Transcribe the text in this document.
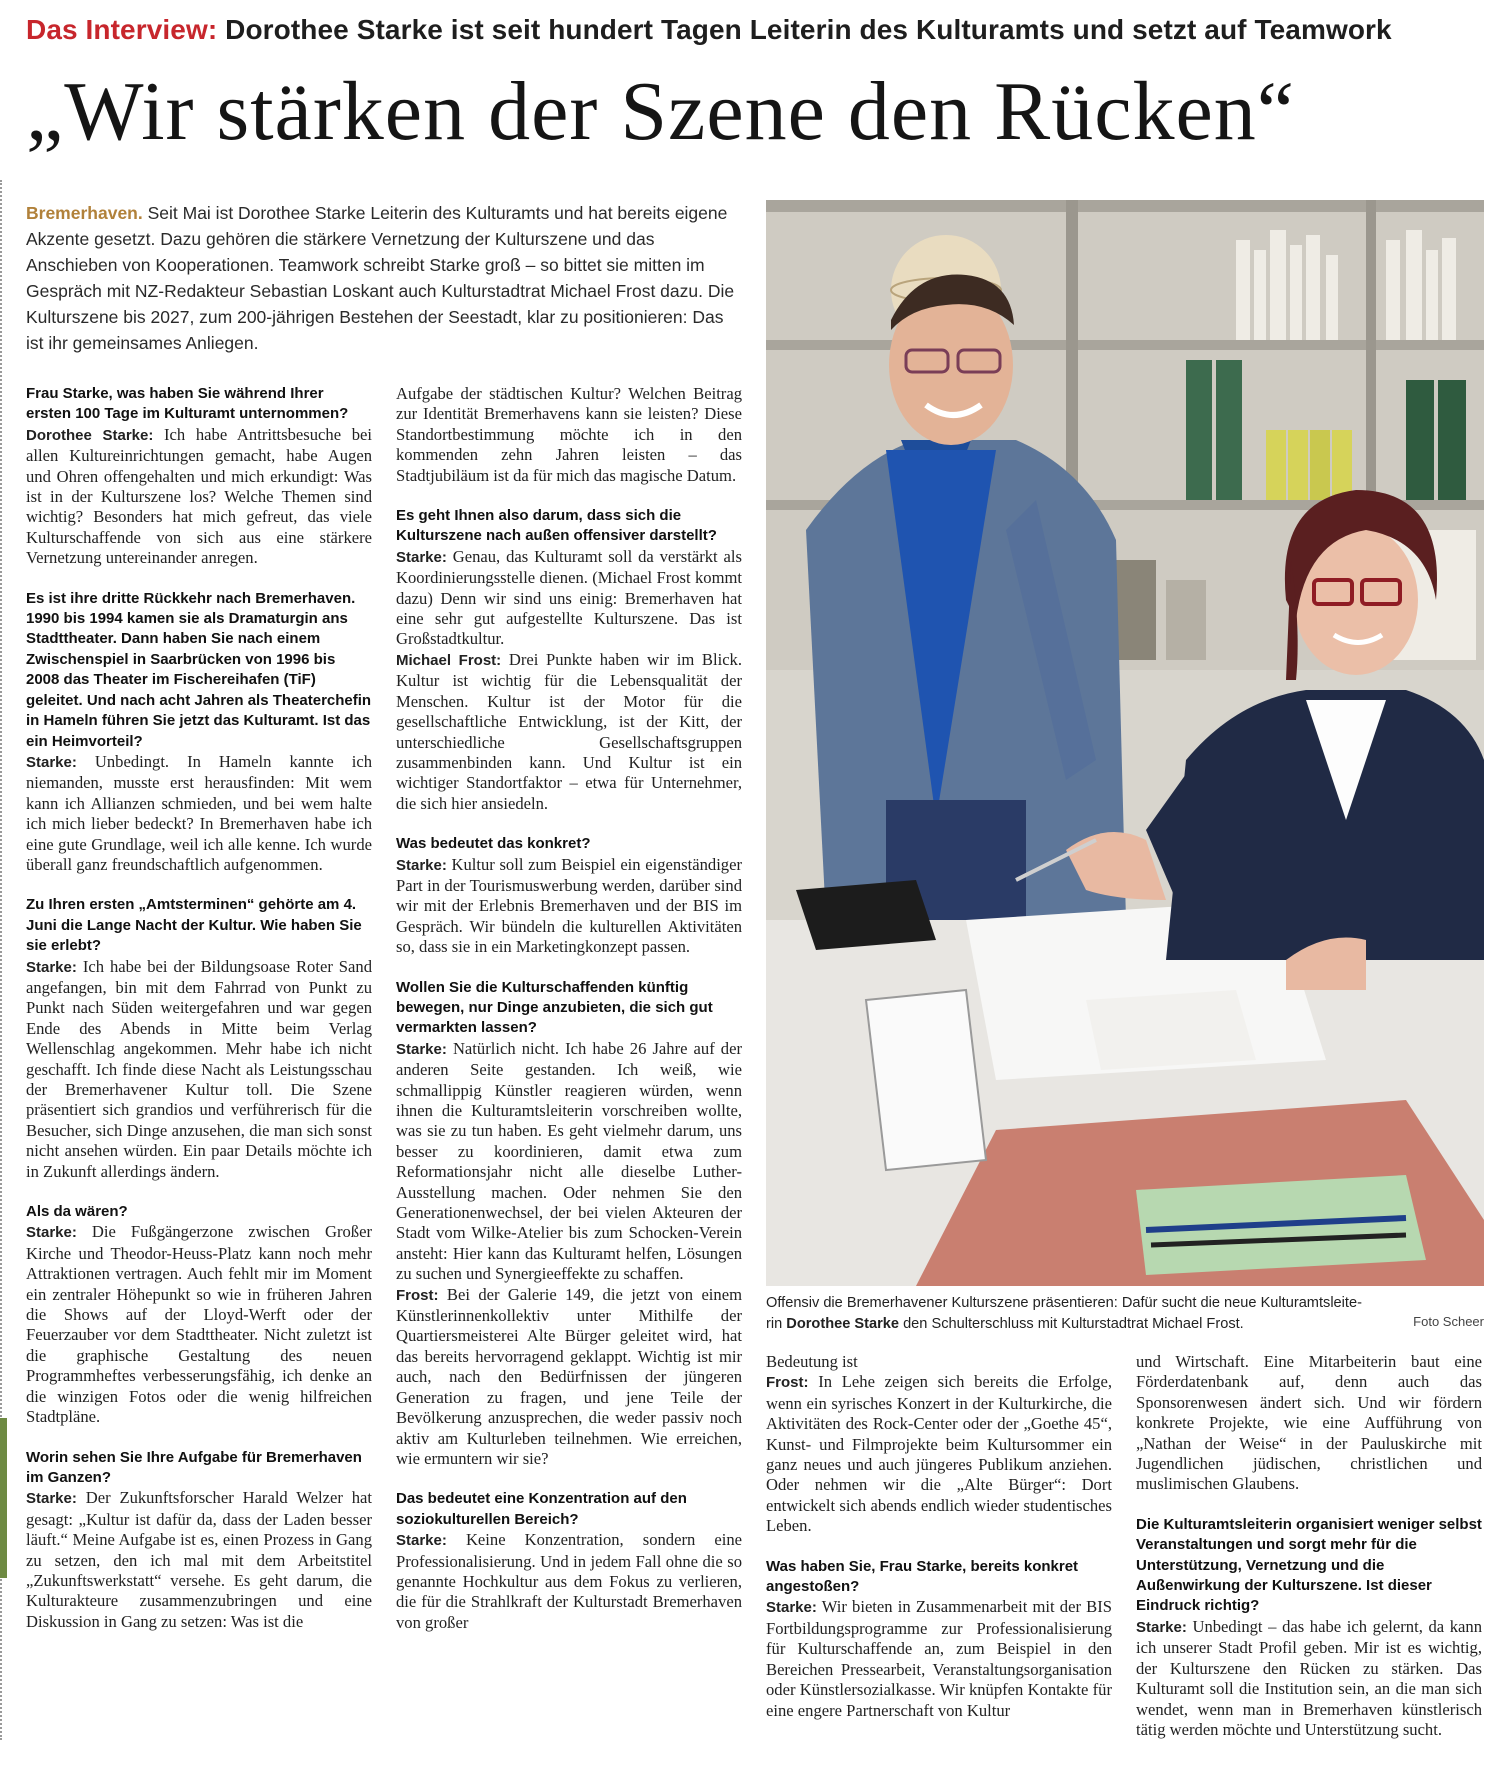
Das Interview: Dorothee Starke ist seit hundert Tagen Leiterin des Kulturamts und setzt auf Teamwork
„Wir stärken der Szene den Rücken“
Bremerhaven. Seit Mai ist Dorothee Starke Leiterin des Kulturamts und hat bereits eigene Akzente gesetzt. Dazu gehören die stärkere Vernetzung der Kulturszene und das Anschieben von Kooperationen. Teamwork schreibt Starke groß – so bittet sie mitten im Gespräch mit NZ-Redakteur Sebastian Loskant auch Kulturstadtrat Michael Frost dazu. Die Kulturszene bis 2027, zum 200-jährigen Bestehen der Seestadt, klar zu positionieren: Das ist ihr gemeinsames Anliegen.

Frau Starke, was haben Sie während Ihrer ersten 100 Tage im Kulturamt unternommen?

Dorothee Starke: Ich habe Antrittsbesuche bei allen Kultureinrichtungen gemacht, habe Augen und Ohren offengehalten und mich erkundigt: Was ist in der Kulturszene los? Welche Themen sind wichtig? Besonders hat mich gefreut, das viele Kulturschaffende von sich aus eine stärkere Vernetzung untereinander anregen.

Es ist ihre dritte Rückkehr nach Bremerhaven. 1990 bis 1994 kamen sie als Dramaturgin ans Stadttheater. Dann haben Sie nach einem Zwischenspiel in Saarbrücken von 1996 bis 2008 das Theater im Fischereihafen (TiF) geleitet. Und nach acht Jahren als Theaterchefin in Hameln führen Sie jetzt das Kulturamt. Ist das ein Heimvorteil?

Starke: Unbedingt. In Hameln kannte ich niemanden, musste erst herausfinden: Mit wem kann ich Allianzen schmieden, und bei wem halte ich mich lieber bedeckt? In Bremerhaven habe ich eine gute Grundlage, weil ich alle kenne. Ich wurde überall ganz freundschaftlich aufgenommen.

Zu Ihren ersten „Amtsterminen“ gehörte am 4. Juni die Lange Nacht der Kultur. Wie haben Sie sie erlebt?

Starke: Ich habe bei der Bildungsoase Roter Sand angefangen, bin mit dem Fahrrad von Punkt zu Punkt nach Süden weitergefahren und war gegen Ende des Abends in Mitte beim Verlag Wellenschlag angekommen. Mehr habe ich nicht geschafft. Ich finde diese Nacht als Leistungsschau der Bremerhavener Kultur toll. Die Szene präsentiert sich grandios und verführerisch für die Besucher, sich Dinge anzusehen, die man sich sonst nicht ansehen würden. Ein paar Details möchte ich in Zukunft allerdings ändern.

Als da wären?

Starke: Die Fußgängerzone zwischen Großer Kirche und Theodor-Heuss-Platz kann noch mehr Attraktionen vertragen. Auch fehlt mir im Moment ein zentraler Höhepunkt so wie in früheren Jahren die Shows auf der Lloyd-Werft oder der Feuerzauber vor dem Stadttheater. Nicht zuletzt ist die graphische Gestaltung des neuen Programmheftes verbesserungsfähig, ich denke an die winzigen Fotos oder die wenig hilfreichen Stadtpläne.

Worin sehen Sie Ihre Aufgabe für Bremerhaven im Ganzen?

Starke: Der Zukunftsforscher Harald Welzer hat gesagt: „Kultur ist dafür da, dass der Laden besser läuft.“ Meine Aufgabe ist es, einen Prozess in Gang zu setzen, den ich mal mit dem Arbeitstitel „Zukunftswerkstatt“ versehe. Es geht darum, die Kulturakteure zusammenzubringen und eine Diskussion in Gang zu setzen: Was ist die

Aufgabe der städtischen Kultur? Welchen Beitrag zur Identität Bremerhavens kann sie leisten? Diese Standortbestimmung möchte ich in den kommenden zehn Jahren leisten – das Stadtjubiläum ist da für mich das magische Datum.

Es geht Ihnen also darum, dass sich die Kulturszene nach außen offensiver darstellt?

Starke: Genau, das Kulturamt soll da verstärkt als Koordinierungsstelle dienen. (Michael Frost kommt dazu) Denn wir sind uns einig: Bremerhaven hat eine sehr gut aufgestellte Kulturszene. Das ist Großstadtkultur.

Michael Frost: Drei Punkte haben wir im Blick. Kultur ist wichtig für die Lebensqualität der Menschen. Kultur ist der Motor für die gesellschaftliche Entwicklung, ist der Kitt, der unterschiedliche Gesellschaftsgruppen zusammenbinden kann. Und Kultur ist ein wichtiger Standortfaktor – etwa für Unternehmer, die sich hier ansiedeln.

Was bedeutet das konkret?

Starke: Kultur soll zum Beispiel ein eigenständiger Part in der Tourismuswerbung werden, darüber sind wir mit der Erlebnis Bremerhaven und der BIS im Gespräch. Wir bündeln die kulturellen Aktivitäten so, dass sie in ein Marketingkonzept passen.

Wollen Sie die Kulturschaffenden künftig bewegen, nur Dinge anzubieten, die sich gut vermarkten lassen?

Starke: Natürlich nicht. Ich habe 26 Jahre auf der anderen Seite gestanden. Ich weiß, wie schmallippig Künstler reagieren würden, wenn ihnen die Kulturamtsleiterin vorschreiben wollte, was sie zu tun haben. Es geht vielmehr darum, uns besser zu koordinieren, damit etwa zum Reformationsjahr nicht alle dieselbe Luther-Ausstellung machen. Oder nehmen Sie den Generationenwechsel, der bei vielen Akteuren der Stadt vom Wilke-Atelier bis zum Schocken-Verein ansteht: Hier kann das Kulturamt helfen, Lösungen zu suchen und Synergieeffekte zu schaffen.

Frost: Bei der Galerie 149, die jetzt von einem Künstlerinnenkollektiv unter Mithilfe der Quartiersmeisterei Alte Bürger geleitet wird, hat das bereits hervorragend geklappt. Wichtig ist mir auch, nach den Bedürfnissen der jüngeren Generation zu fragen, und jene Teile der Bevölkerung anzusprechen, die weder passiv noch aktiv am Kulturleben teilnehmen. Wie erreichen, wie ermuntern wir sie?

Das bedeutet eine Konzentration auf den soziokulturellen Bereich?

Starke: Keine Konzentration, sondern eine Professionalisierung. Und in jedem Fall ohne die so genannte Hochkultur aus dem Fokus zu verlieren, die für die Strahlkraft der Kulturstadt Bremerhaven von großer

Bedeutung ist

Frost: In Lehe zeigen sich bereits die Erfolge, wenn ein syrisches Konzert in der Kulturkirche, die Aktivitäten des Rock-Center oder der „Goethe 45“, Kunst- und Filmprojekte beim Kultursommer ein ganz neues und auch jüngeres Publikum anziehen. Oder nehmen wir die „Alte Bürger“: Dort entwickelt sich abends endlich wieder studentisches Leben.

Was haben Sie, Frau Starke, bereits konkret angestoßen?

Starke: Wir bieten in Zusammenarbeit mit der BIS Fortbildungsprogramme zur Professionalisierung für Kulturschaffende an, zum Beispiel in den Bereichen Pressearbeit, Veranstaltungsorganisation oder Künstlersozialkasse. Wir knüpfen Kontakte für eine engere Partnerschaft von Kultur

und Wirtschaft. Eine Mitarbeiterin baut eine Förderdatenbank auf, denn auch das Sponsorenwesen ändert sich. Und wir fördern konkrete Projekte, wie eine Aufführung von „Nathan der Weise“ in der Pauluskirche mit Jugendlichen jüdischen, christlichen und muslimischen Glaubens.

Die Kulturamtsleiterin organisiert weniger selbst Veranstaltungen und sorgt mehr für die Unterstützung, Vernetzung und die Außenwirkung der Kulturszene. Ist dieser Eindruck richtig?

Starke: Unbedingt – das habe ich gelernt, da kann ich unserer Stadt Profil geben. Mir ist es wichtig, der Kulturszene den Rücken zu stärken. Das Kulturamt soll die Institution sein, an die man sich wendet, wenn man in Bremerhaven künstlerisch tätig werden möchte und Unterstützung sucht.

Offensiv die Bremerhavener Kulturszene präsentieren: Dafür sucht die neue Kulturamtsleite-
rin Dorothee Starke den Schulterschluss mit Kulturstadtrat Michael Frost.	Foto Scheer
